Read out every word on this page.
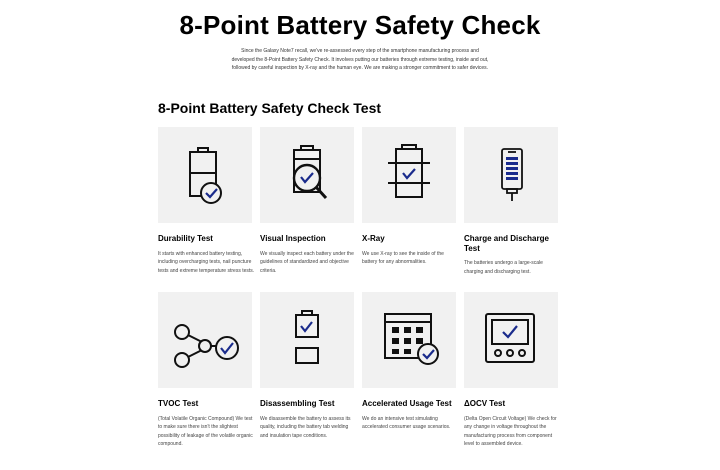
8-Point Battery Safety Check
Since the Galaxy Note7 recall, we've re-assessed every step of the smartphone manufacturing process and developed the 8-Point Battery Safety Check. It involves putting our batteries through extreme testing, inside and out, followed by careful inspection by X-ray and the human eye. We are making a stronger commitment to safer devices.
8-Point Battery Safety Check Test
Durability Test
It starts with enhanced battery testing, including overcharging tests, nail puncture tests and extreme temperature stress tests.
Visual Inspection
We visually inspect each battery under the guidelines of standardized and objective criteria.
X-Ray
We use X-ray to see the inside of the battery for any abnormalities.
Charge and Discharge Test
The batteries undergo a large-scale charging and discharging test.
TVOC Test
(Total Volatile Organic Compound) We test to make sure there isn't the slightest possibility of leakage of the volatile organic compound.
Disassembling Test
We disassemble the battery to assess its quality, including the battery tab welding and insulation tape conditions.
Accelerated Usage Test
We do an intensive test simulating accelerated consumer usage scenarios.
ΔOCV Test
(Delta Open Circuit Voltage) We check for any change in voltage throughout the manufacturing process from component level to assembled device.
